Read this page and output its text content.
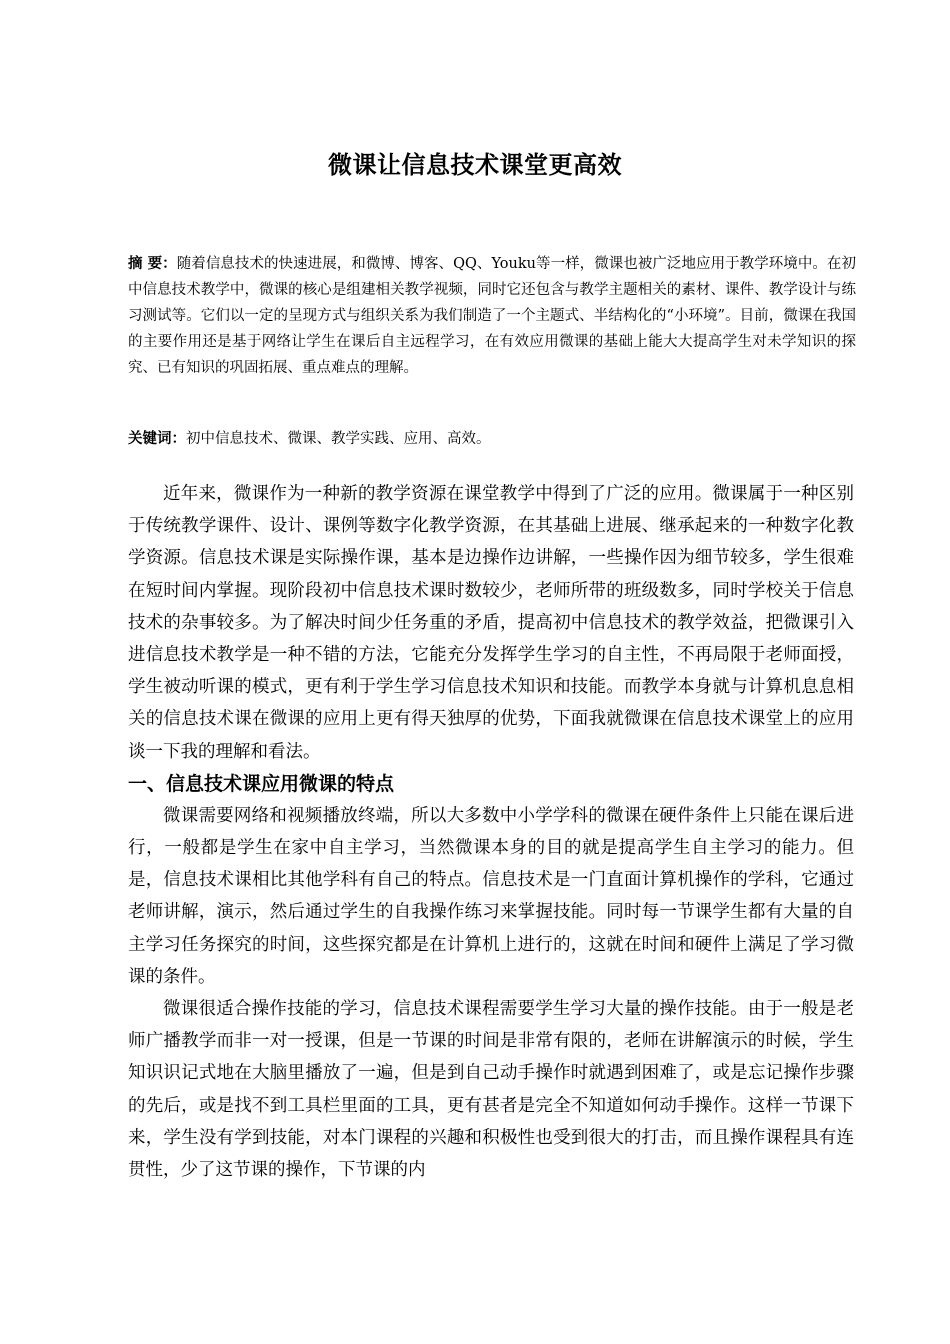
微课让信息技术课堂更高效
摘 要：随着信息技术的快速进展，和微博、博客、QQ、Youku等一样，微课也被广泛地应用于教学环境中。在初中信息技术教学中，微课的核心是组建相关教学视频，同时它还包含与教学主题相关的素材、课件、教学设计与练习测试等。它们以一定的呈现方式与组织关系为我们制造了一个主题式、半结构化的“小环境”。目前，微课在我国的主要作用还是基于网络让学生在课后自主远程学习，在有效应用微课的基础上能大大提高学生对未学知识的探究、已有知识的巩固拓展、重点难点的理解。
关键词：初中信息技术、微课、教学实践、应用、高效。

近年来，微课作为一种新的教学资源在课堂教学中得到了广泛的应用。微课属于一种区别于传统教学课件、设计、课例等数字化教学资源，在其基础上进展、继承起来的一种数字化教学资源。信息技术课是实际操作课，基本是边操作边讲解，一些操作因为细节较多，学生很难在短时间内掌握。现阶段初中信息技术课时数较少，老师所带的班级数多，同时学校关于信息技术的杂事较多。为了解决时间少任务重的矛盾，提高初中信息技术的教学效益，把微课引入进信息技术教学是一种不错的方法，它能充分发挥学生学习的自主性，不再局限于老师面授，学生被动听课的模式，更有利于学生学习信息技术知识和技能。而教学本身就与计算机息息相关的信息技术课在微课的应用上更有得天独厚的优势，下面我就微课在信息技术课堂上的应用谈一下我的理解和看法。

一、信息技术课应用微课的特点

微课需要网络和视频播放终端，所以大多数中小学学科的微课在硬件条件上只能在课后进行，一般都是学生在家中自主学习，当然微课本身的目的就是提高学生自主学习的能力。但是，信息技术课相比其他学科有自己的特点。信息技术是一门直面计算机操作的学科，它通过老师讲解，演示，然后通过学生的自我操作练习来掌握技能。同时每一节课学生都有大量的自主学习任务探究的时间，这些探究都是在计算机上进行的，这就在时间和硬件上满足了学习微课的条件。

微课很适合操作技能的学习，信息技术课程需要学生学习大量的操作技能。由于一般是老师广播教学而非一对一授课，但是一节课的时间是非常有限的，老师在讲解演示的时候，学生知识识记式地在大脑里播放了一遍，但是到自己动手操作时就遇到困难了，或是忘记操作步骤的先后，或是找不到工具栏里面的工具，更有甚者是完全不知道如何动手操作。这样一节课下来，学生没有学到技能，对本门课程的兴趣和积极性也受到很大的打击，而且操作课程具有连贯性，少了这节课的操作，下节课的内
